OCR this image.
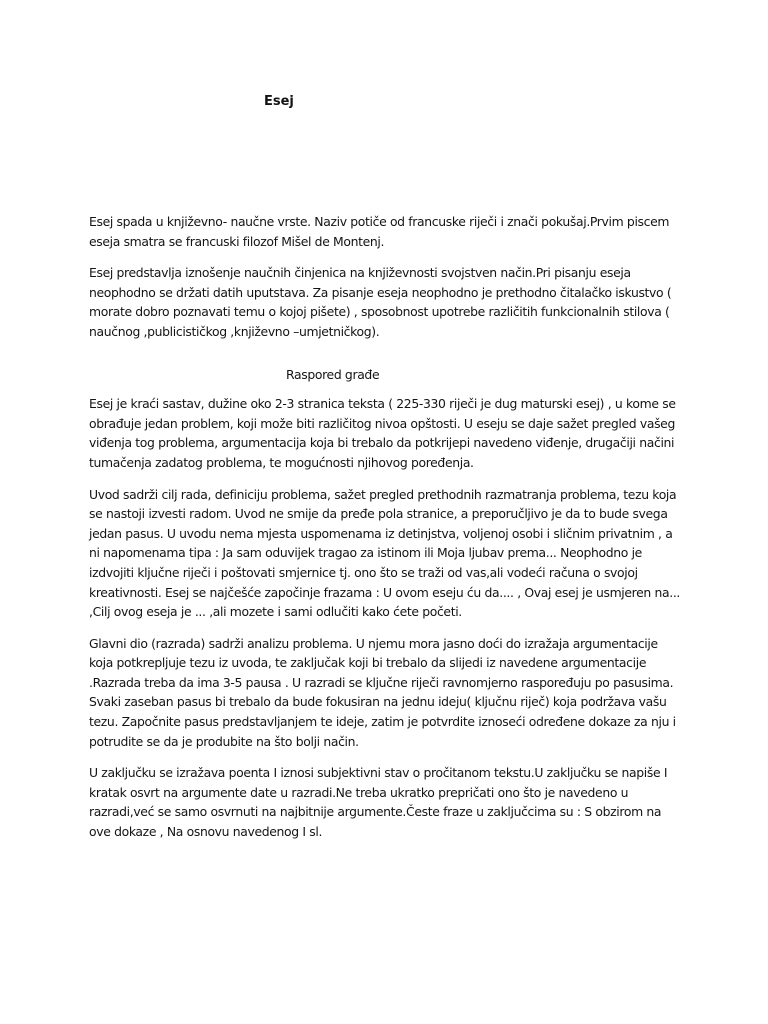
Esej

Esej spada u književno- naučne vrste. Naziv potiče od francuske riječi i znači pokušaj.Prvim piscem eseja smatra se francuski filozof Mišel de Montenj.

Esej predstavlja iznošenje naučnih činjenica na književnosti svojstven način.Pri pisanju eseja neophodno se držati datih uputstava. Za pisanje eseja neophodno je prethodno čitalačko iskustvo ( morate dobro poznavati temu o kojoj pišete) , sposobnost upotrebe različitih funkcionalnih stilova ( naučnog ,publicističkog ,književno –umjetničkog).

Raspored građe

Esej je kraći sastav, dužine oko 2-3 stranica teksta ( 225-330 riječi je dug maturski esej) , u kome se obrađuje jedan problem, koji može biti različitog nivoa opštosti. U eseju se daje sažet pregled vašeg viđenja tog problema, argumentacija koja bi trebalo da potkrijepi navedeno viđenje, drugačiji načini tumačenja zadatog problema, te mogućnosti njihovog poređenja.

Uvod sadrži cilj rada, definiciju problema, sažet pregled prethodnih razmatranja problema, tezu koja se nastoji izvesti radom. Uvod ne smije da pređe pola stranice, a preporučljivo je da to bude svega jedan pasus. U uvodu nema mjesta uspomenama iz detinjstva, voljenoj osobi i sličnim privatnim , a ni napomenama tipa : Ja sam oduvijek tragao za istinom ili Moja ljubav prema... Neophodno je izdvojiti ključne riječi i poštovati smjernice tj. ono što se traži od vas,ali vodeći računa o svojoj kreativnosti. Esej se najčešće započinje frazama : U ovom eseju ću da.... , Ovaj esej je usmjeren na... ,Cilj ovog eseja je ... ,ali mozete i sami odlučiti kako ćete početi.

Glavni dio (razrada) sadrži analizu problema. U njemu mora jasno doći do izražaja argumentacije koja potkrepljuje tezu iz uvoda, te zaključak koji bi trebalo da slijedi iz navedene argumentacije .Razrada treba da ima 3-5 pausa . U razradi se ključne riječi ravnomjerno raspoređuju po pasusima. Svaki zaseban pasus bi trebalo da bude fokusiran na jednu ideju( ključnu riječ) koja podržava vašu tezu. Započnite pasus predstavljanjem te ideje, zatim je potvrdite iznoseći određene dokaze za nju i potrudite se da je produbite na što bolji način.

U zaključku se izražava poenta I iznosi subjektivni stav o pročitanom tekstu.U zaključku se napiše I kratak osvrt na argumente date u razradi.Ne treba ukratko prepričati ono što je navedeno u razradi,već se samo osvrnuti na najbitnije argumente.Česte fraze u zaključcima su : S obzirom na ove dokaze , Na osnovu navedenog I sl.
